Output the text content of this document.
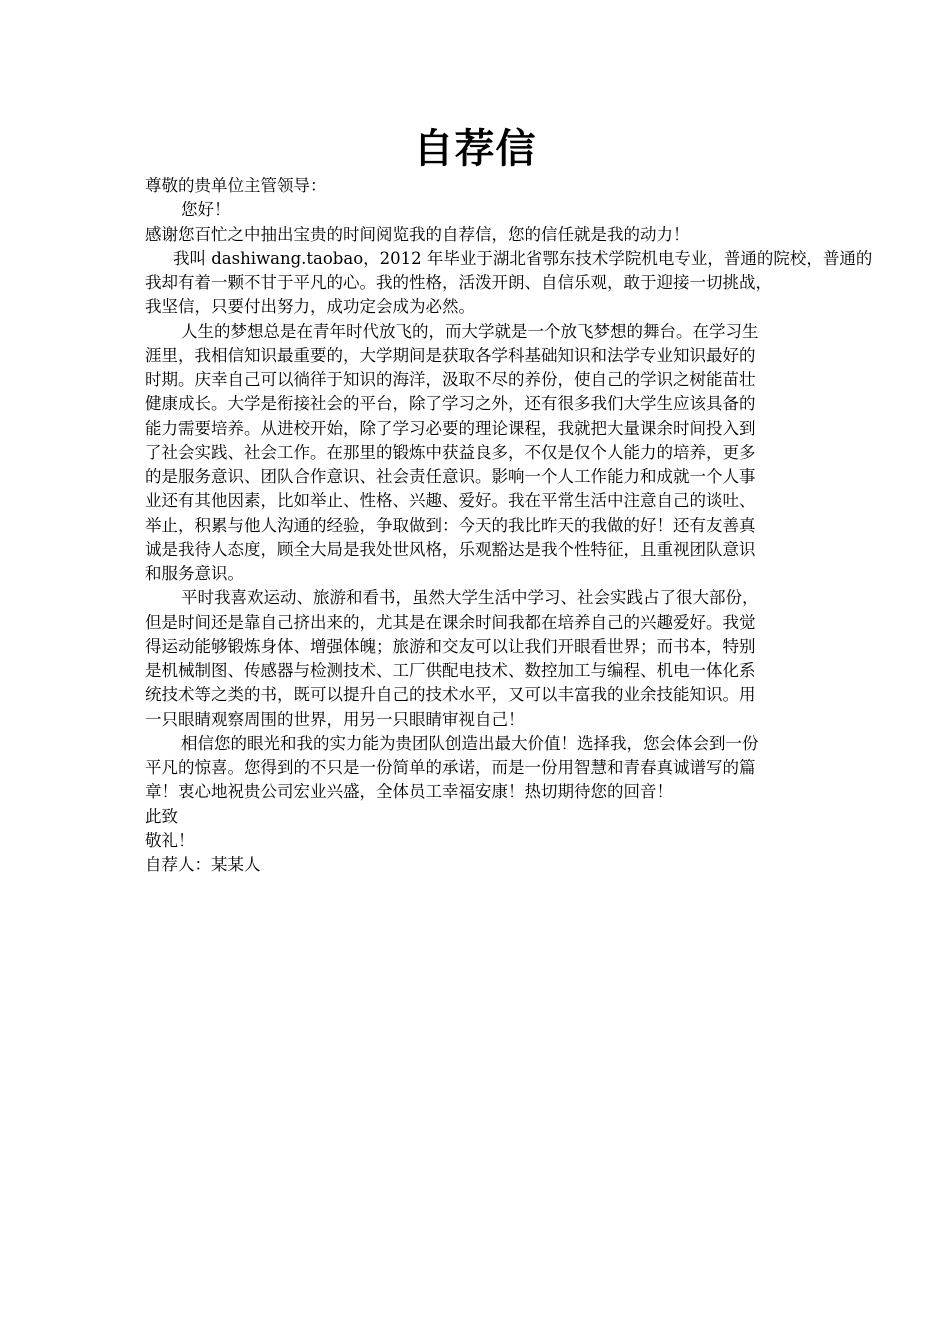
自荐信
尊敬的贵单位主管领导：
您好！
感谢您百忙之中抽出宝贵的时间阅览我的自荐信，您的信任就是我的动力！
我叫 dashiwang.taobao，2012 年毕业于湖北省鄂东技术学院机电专业，普通的院校，普通的
我却有着一颗不甘于平凡的心。我的性格，活泼开朗、自信乐观，敢于迎接一切挑战，
我坚信，只要付出努力，成功定会成为必然。
人生的梦想总是在青年时代放飞的，而大学就是一个放飞梦想的舞台。在学习生
涯里，我相信知识最重要的，大学期间是获取各学科基础知识和法学专业知识最好的
时期。庆幸自己可以徜徉于知识的海洋，汲取不尽的养份，使自己的学识之树能苗壮
健康成长。大学是衔接社会的平台，除了学习之外，还有很多我们大学生应该具备的
能力需要培养。从进校开始，除了学习必要的理论课程，我就把大量课余时间投入到
了社会实践、社会工作。在那里的锻炼中获益良多，不仅是仅个人能力的培养，更多
的是服务意识、团队合作意识、社会责任意识。影响一个人工作能力和成就一个人事
业还有其他因素，比如举止、性格、兴趣、爱好。我在平常生活中注意自己的谈吐、
举止，积累与他人沟通的经验，争取做到：今天的我比昨天的我做的好！还有友善真
诚是我待人态度，顾全大局是我处世风格，乐观豁达是我个性特征，且重视团队意识
和服务意识。
平时我喜欢运动、旅游和看书，虽然大学生活中学习、社会实践占了很大部份，
但是时间还是靠自己挤出来的，尤其是在课余时间我都在培养自己的兴趣爱好。我觉
得运动能够锻炼身体、增强体魄；旅游和交友可以让我们开眼看世界；而书本，特别
是机械制图、传感器与检测技术、工厂供配电技术、数控加工与编程、机电一体化系
统技术等之类的书，既可以提升自己的技术水平，又可以丰富我的业余技能知识。用
一只眼睛观察周围的世界，用另一只眼睛审视自己！
相信您的眼光和我的实力能为贵团队创造出最大价值！选择我，您会体会到一份
平凡的惊喜。您得到的不只是一份简单的承诺，而是一份用智慧和青春真诚谱写的篇
章！衷心地祝贵公司宏业兴盛，全体员工幸福安康！热切期待您的回音！
此致
敬礼！
自荐人：某某人
